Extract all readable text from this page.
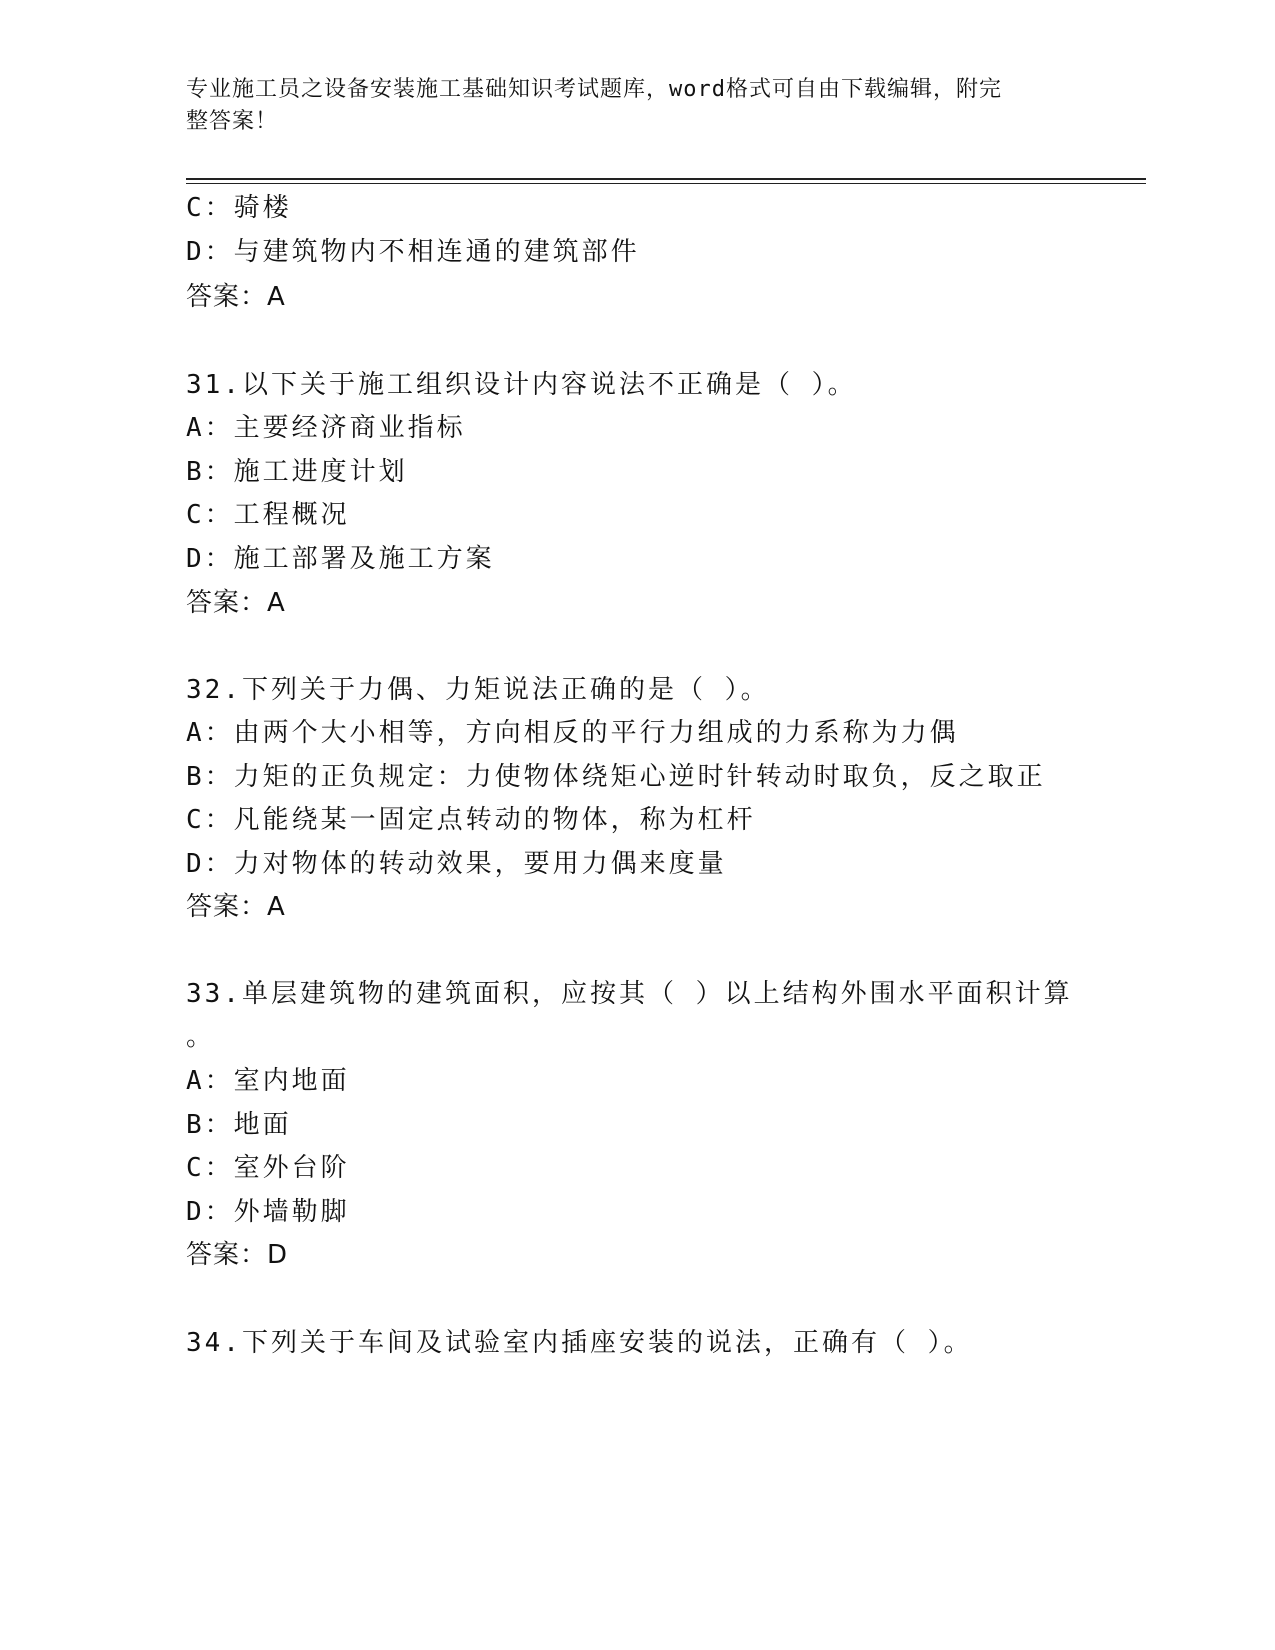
专业施工员之设备安装施工基础知识考试题库，word格式可自由下载编辑，附完
整答案！
C：骑楼
D：与建筑物内不相连通的建筑部件
答案：A
31.以下关于施工组织设计内容说法不正确是（ ）。
A：主要经济商业指标
B：施工进度计划
C：工程概况
D：施工部署及施工方案
答案：A
32.下列关于力偶、力矩说法正确的是（ ）。
A：由两个大小相等，方向相反的平行力组成的力系称为力偶
B：力矩的正负规定：力使物体绕矩心逆时针转动时取负，反之取正
C：凡能绕某一固定点转动的物体，称为杠杆
D：力对物体的转动效果，要用力偶来度量
答案：A
33.单层建筑物的建筑面积，应按其（ ）以上结构外围水平面积计算
。
A：室内地面
B：地面
C：室外台阶
D：外墙勒脚
答案：D
34.下列关于车间及试验室内插座安装的说法，正确有（ ）。
